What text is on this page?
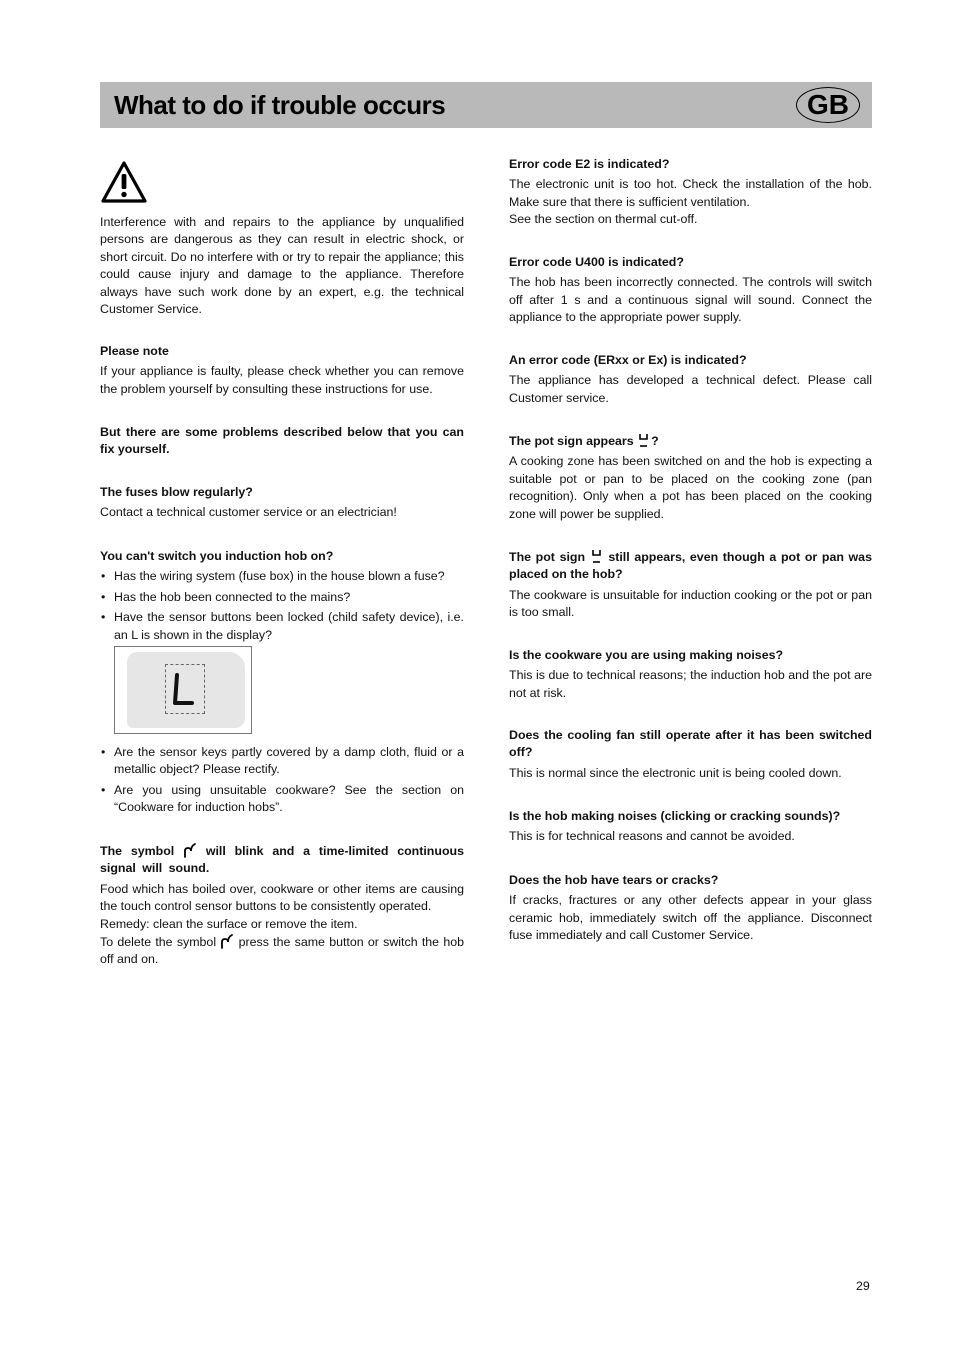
What to do if trouble occurs	GB

Interference with and repairs to the appliance by unqualified persons are dangerous as they can result in electric shock, or short circuit. Do no interfere with or try to repair the appliance; this could cause injury and damage to the appliance. Therefore always have such work done by an expert, e.g. the technical Customer Service.

Please note

If your appliance is faulty, please check whether you can remove the problem yourself by consulting these instructions for use.

But there are some problems described below that you can fix yourself.

The fuses blow regularly?

Contact a technical customer service or an electrician!

You can't switch you induction hob on?

• Has the wiring system (fuse box) in the house blown a fuse?
• Has the hob been connected to the mains?
• Have the sensor buttons been locked (child safety device), i.e. an L is shown in the display?
• Are the sensor keys partly covered by a damp cloth, fluid or a metallic object? Please rectify.
• Are you using unsuitable cookware? See the section on “Cookware for induction hobs”.

The symbol	will blink and a time-limited continuous signal will sound.

Food which has boiled over, cookware or other items are causing the touch control sensor buttons to be consistently operated.

Remedy: clean the surface or remove the item.

To delete the symbol press the same button or switch the hob off and on.

Error code E2 is indicated?

The electronic unit is too hot. Check the installation of the hob. Make sure that there is sufficient ventilation.

See the section on thermal cut-off.

Error code U400 is indicated?

The hob has been incorrectly connected. The controls will switch off after 1 s and a continuous signal will sound. Connect the appliance to the appropriate power supply.

An error code (ERxx or Ex) is indicated?

The appliance has developed a technical defect. Please call Customer service.

The pot sign appears ?

A cooking zone has been switched on and the hob is expecting a suitable pot or pan to be placed on the cooking zone (pan recognition). Only when a pot has been placed on the cooking zone will power be supplied.

The pot sign still appears, even though a pot or pan was placed on the hob?

The cookware is unsuitable for induction cooking or the pot or pan is too small.

Is the cookware you are using making noises?

This is due to technical reasons; the induction hob and the pot are not at risk.

Does the cooling fan still operate after it has been switched off?

This is normal since the electronic unit is being cooled down.

Is the hob making noises (clicking or cracking sounds)?

This is for technical reasons and cannot be avoided.

Does the hob have tears or cracks?

If cracks, fractures or any other defects appear in your glass ceramic hob, immediately switch off the appliance. Disconnect fuse immediately and call Customer Service.

29
